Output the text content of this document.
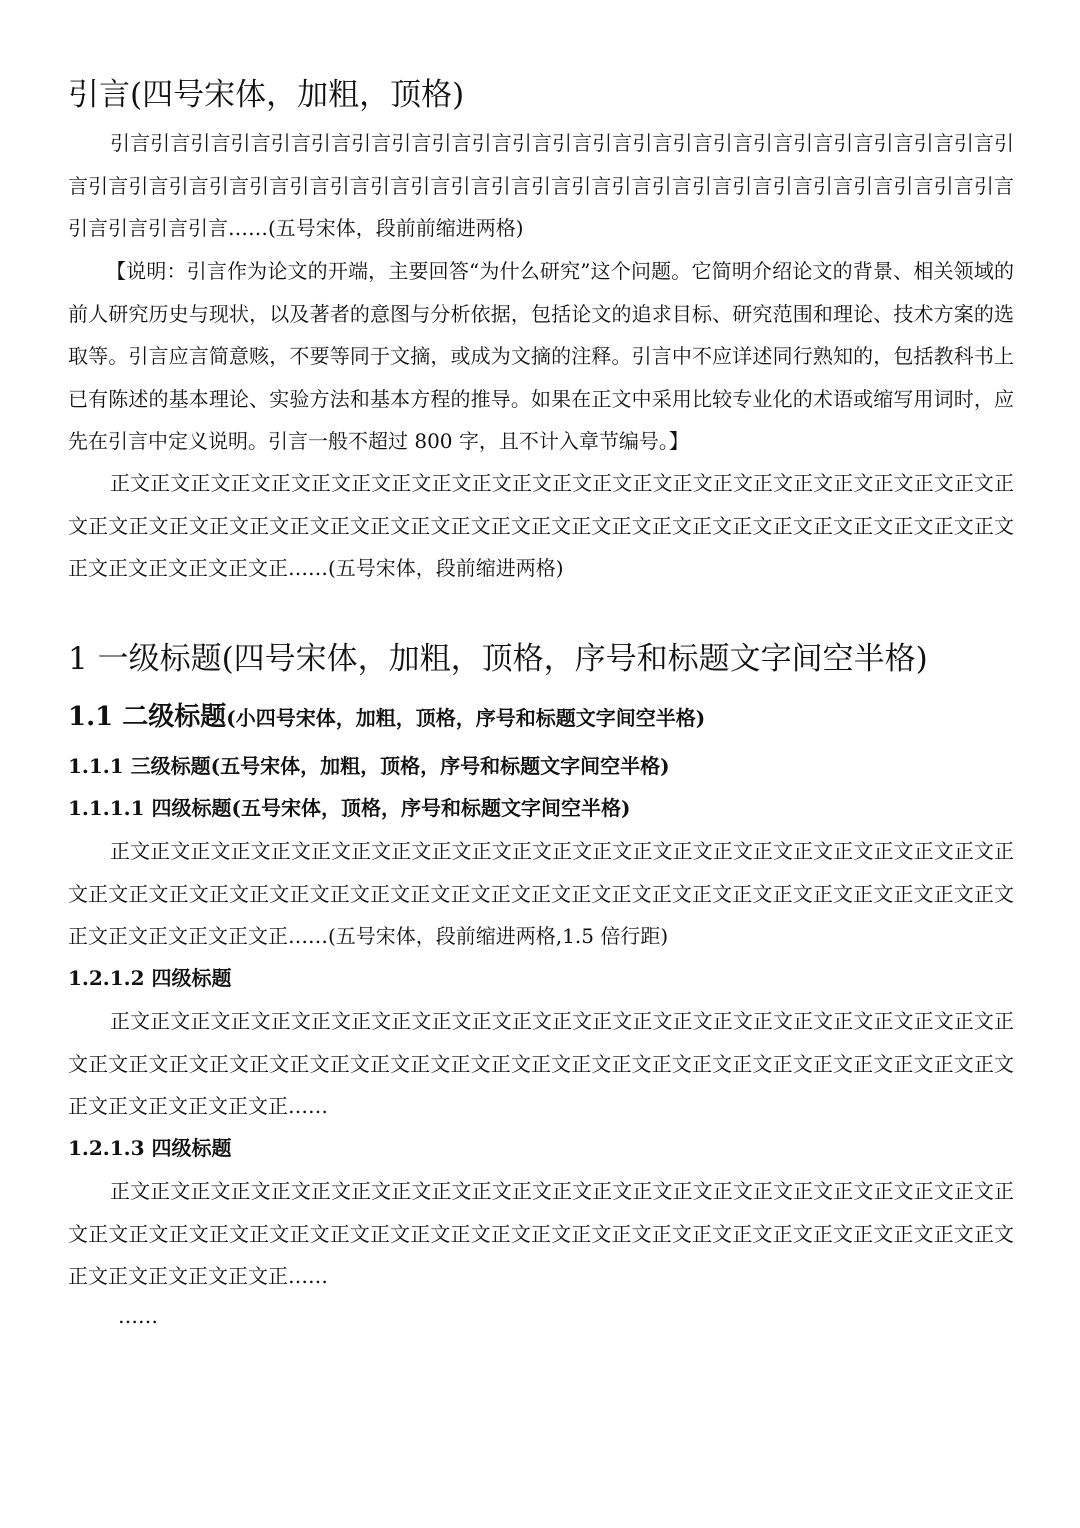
引言(四号宋体，加粗，顶格)

引言引言引言引言引言引言引言引言引言引言引言引言引言引言引言引言引言引言引言引言引言引言引言引言引言引言引言引言引言引言引言引言引言引言引言引言引言引言引言引言引言引言引言引言引言引言引言引言引言引言……(五号宋体，段前前缩进两格)

【说明：引言作为论文的开端，主要回答“为什么研究”这个问题。它简明介绍论文的背景、相关领域的前人研究历史与现状，以及著者的意图与分析依据，包括论文的追求目标、研究范围和理论、技术方案的选取等。引言应言简意赅，不要等同于文摘，或成为文摘的注释。引言中不应详述同行熟知的，包括教科书上已有陈述的基本理论、实验方法和基本方程的推导。如果在正文中采用比较专业化的术语或缩写用词时，应先在引言中定义说明。引言一般不超过 800 字，且不计入章节编号。】

正文正文正文正文正文正文正文正文正文正文正文正文正文正文正文正文正文正文正文正文正文正文正文正文正文正文正文正文正文正文正文正文正文正文正文正文正文正文正文正文正文正文正文正文正文正文正文正文正文正文正文正……(五号宋体，段前缩进两格)

1 一级标题(四号宋体，加粗，顶格，序号和标题文字间空半格)
1.1 二级标题(小四号宋体，加粗，顶格，序号和标题文字间空半格)
1.1.1 三级标题(五号宋体，加粗，顶格，序号和标题文字间空半格)
1.1.1.1 四级标题(五号宋体，顶格，序号和标题文字间空半格)

正文正文正文正文正文正文正文正文正文正文正文正文正文正文正文正文正文正文正文正文正文正文正文正文正文正文正文正文正文正文正文正文正文正文正文正文正文正文正文正文正文正文正文正文正文正文正文正文正文正文正文正……(五号宋体，段前缩进两格,1.5 倍行距)

1.2.1.2 四级标题

正文正文正文正文正文正文正文正文正文正文正文正文正文正文正文正文正文正文正文正文正文正文正文正文正文正文正文正文正文正文正文正文正文正文正文正文正文正文正文正文正文正文正文正文正文正文正文正文正文正文正文正……

1.2.1.3 四级标题

正文正文正文正文正文正文正文正文正文正文正文正文正文正文正文正文正文正文正文正文正文正文正文正文正文正文正文正文正文正文正文正文正文正文正文正文正文正文正文正文正文正文正文正文正文正文正文正文正文正文正文正……

……
